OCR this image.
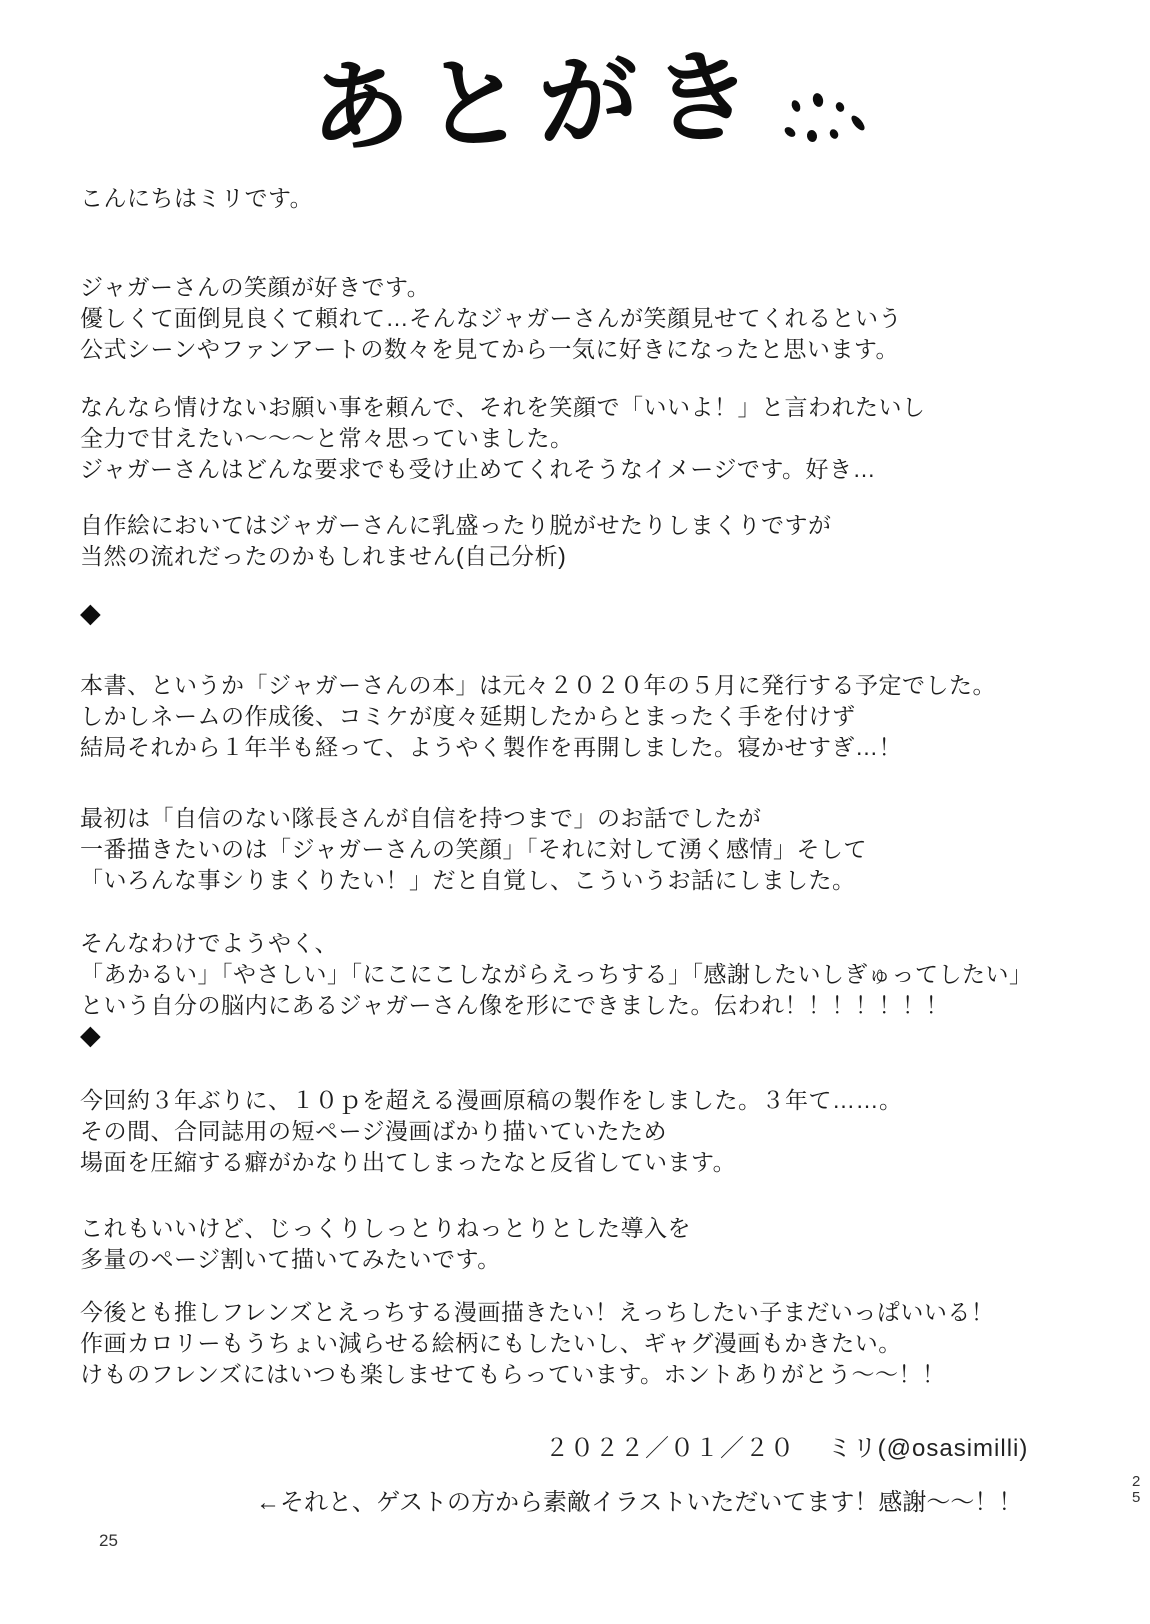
あとがき
こんにちはミリです。
ジャガーさんの笑顔が好きです。
優しくて面倒見良くて頼れて…そんなジャガーさんが笑顔見せてくれるという
公式シーンやファンアートの数々を見てから一気に好きになったと思います。
なんなら情けないお願い事を頼んで、それを笑顔で「いいよ！」と言われたいし
全力で甘えたい～～～と常々思っていました。
ジャガーさんはどんな要求でも受け止めてくれそうなイメージです。好き…
自作絵においてはジャガーさんに乳盛ったり脱がせたりしまくりですが
当然の流れだったのかもしれません(自己分析)
◆
本書、というか「ジャガーさんの本」は元々２０２０年の５月に発行する予定でした。
しかしネームの作成後、コミケが度々延期したからとまったく手を付けず
結局それから１年半も経って、ようやく製作を再開しました。寝かせすぎ…！
最初は「自信のない隊長さんが自信を持つまで」のお話でしたが
一番描きたいのは「ジャガーさんの笑顔」「それに対して湧く感情」そして
「いろんな事シりまくりたい！」だと自覚し、こういうお話にしました。
そんなわけでようやく、
「あかるい」「やさしい」「にこにこしながらえっちする」「感謝したいしぎゅってしたい」
という自分の脳内にあるジャガーさん像を形にできました。伝われ！！！！！！！
◆
今回約３年ぶりに、１０ｐを超える漫画原稿の製作をしました。３年て……。
その間、合同誌用の短ページ漫画ばかり描いていたため
場面を圧縮する癖がかなり出てしまったなと反省しています。
これもいいけど、じっくりしっとりねっとりとした導入を
多量のページ割いて描いてみたいです。
今後とも推しフレンズとえっちする漫画描きたい！えっちしたい子まだいっぱいいる！
作画カロリーもうちょい減らせる絵柄にもしたいし、ギャグ漫画もかきたい。
けものフレンズにはいつも楽しませてもらっています。ホントありがとう～～！！
２０２２／０１／２０　 ミリ(@osasimilli)
←それと、ゲストの方から素敵イラストいただいてます！感謝～～！！
25
2
5
